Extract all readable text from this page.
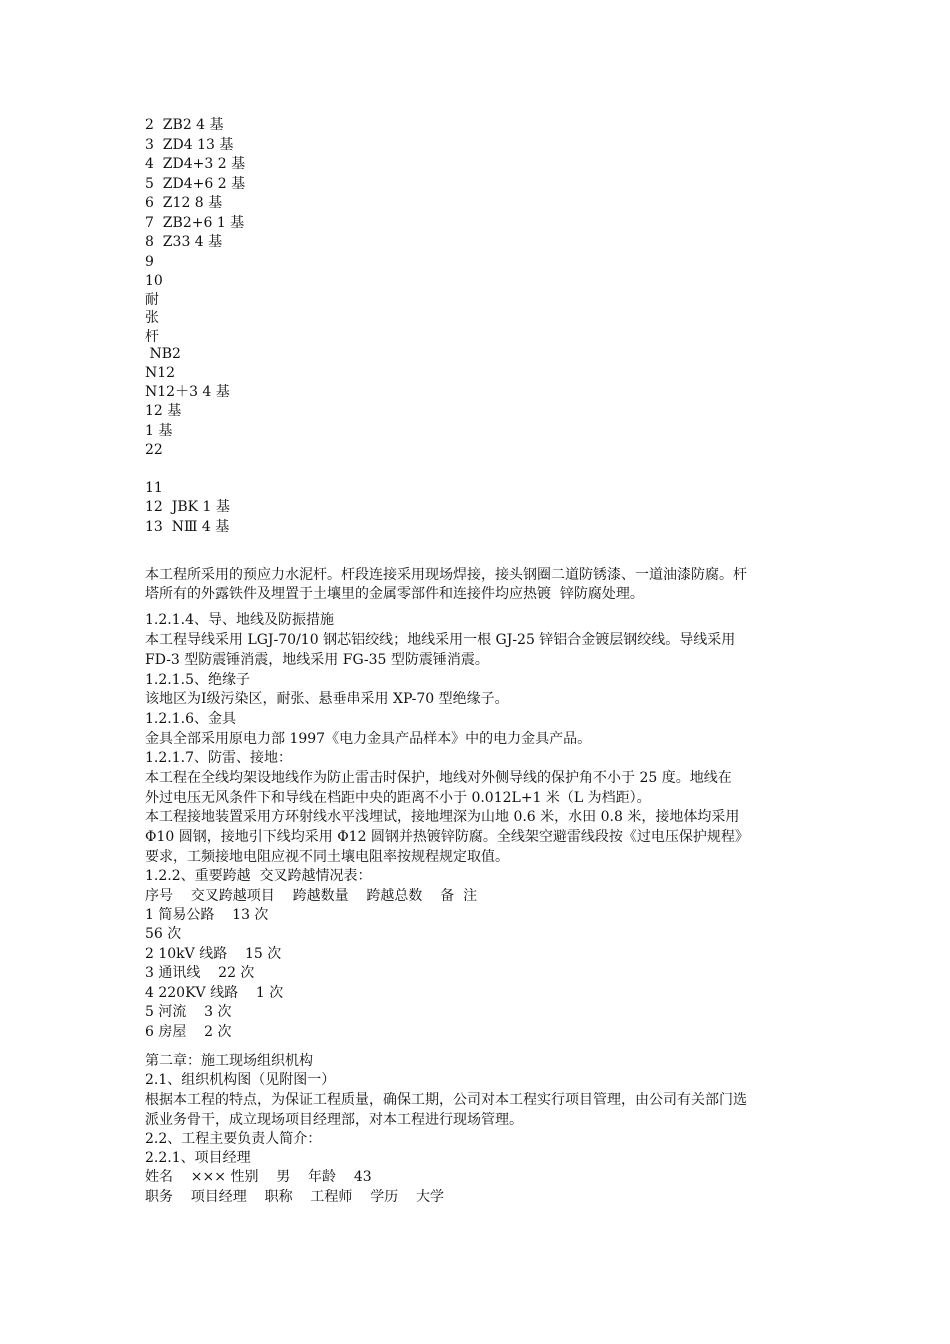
2  ZB2 4 基
3  ZD4 13 基
4  ZD4+3 2 基
5  ZD4+6 2 基
6  Z12 8 基
7  ZB2+6 1 基
8  Z33 4 基
9
10
耐
张
杆
NB2
N12
N12＋3 4 基
12 基
1 基
22
11
12  JBK 1 基
13  NⅢ 4 基
本工程所采用的预应力水泥杆。杆段连接采用现场焊接，接头钢圈二道防锈漆、一道油漆防腐。杆
塔所有的外露铁件及埋置于土壤里的金属零部件和连接件均应热镀  锌防腐处理。
1.2.1.4、导、地线及防振措施
本工程导线采用 LGJ-70/10 钢芯铝绞线；地线采用一根 GJ-25 锌铝合金镀层钢绞线。导线采用
FD-3 型防震锤消震，地线采用 FG-35 型防震锤消震。
1.2.1.5、绝缘子
该地区为Ⅰ级污染区，耐张、悬垂串采用 XP-70 型绝缘子。
1.2.1.6、金具
金具全部采用原电力部 1997《电力金具产品样本》中的电力金具产品。
1.2.1.7、防雷、接地：
本工程在全线均架设地线作为防止雷击时保护，地线对外侧导线的保护角不小于 25 度。地线在
外过电压无风条件下和导线在档距中央的距离不小于 0.012L+1 米（L 为档距）。
本工程接地装置采用方环射线水平浅埋试，接地埋深为山地 0.6 米，水田 0.8 米，接地体均采用
Φ10 圆钢，接地引下线均采用 Φ12 圆钢并热镀锌防腐。全线架空避雷线段按《过电压保护规程》
要求，工频接地电阻应视不同土壤电阻率按规程规定取值。
1.2.2、重要跨越  交叉跨越情况表：
序号    交叉跨越项目    跨越数量    跨越总数    备  注
1 简易公路    13 次
56 次
2 10kV 线路    15 次
3 通讯线    22 次
4 220KV 线路    1 次
5 河流    3 次
6 房屋    2 次
第二章：施工现场组织机构
2.1、组织机构图（见附图一）
根据本工程的特点，为保证工程质量，确保工期，公司对本工程实行项目管理，由公司有关部门选
派业务骨干，成立现场项目经理部，对本工程进行现场管理。
2.2、工程主要负责人简介：
2.2.1、项目经理
姓名    ××× 性别    男    年龄    43
职务    项目经理    职称    工程师    学历    大学
